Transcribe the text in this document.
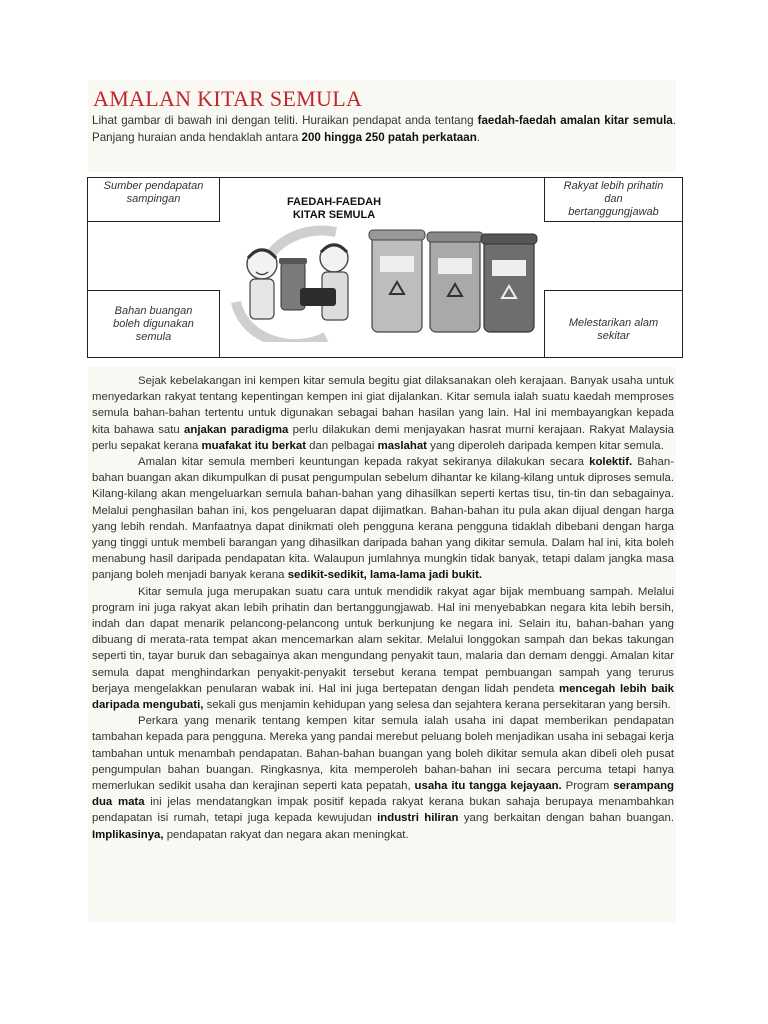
AMALAN KITAR SEMULA
Lihat gambar di bawah ini dengan teliti. Huraikan pendapat anda tentang faedah-faedah amalan kitar semula. Panjang huraian anda hendaklah antara 200 hingga 250 patah perkataan.
Sumber pendapatan
sampingan
Rakyat lebih prihatin
dan
bertanggungjawab
Bahan buangan
boleh digunakan
semula
Melestarikan alam
sekitar
FAEDAH-FAEDAH
KITAR SEMULA

Sejak kebelakangan ini kempen kitar semula begitu giat dilaksanakan oleh kerajaan. Banyak usaha untuk menyedarkan rakyat tentang kepentingan kempen ini giat dijalankan. Kitar semula ialah suatu kaedah memproses semula bahan-bahan tertentu untuk digunakan sebagai bahan hasilan yang lain. Hal ini membayangkan kepada kita bahawa satu anjakan paradigma perlu dilakukan demi menjayakan hasrat murni kerajaan. Rakyat Malaysia perlu sepakat kerana muafakat itu berkat dan pelbagai maslahat yang diperoleh daripada kempen kitar semula.

Amalan kitar semula memberi keuntungan kepada rakyat sekiranya dilakukan secara kolektif. Bahan-bahan buangan akan dikumpulkan di pusat pengumpulan sebelum dihantar ke kilang-kilang untuk diproses semula. Kilang-kilang akan mengeluarkan semula bahan-bahan yang dihasilkan seperti kertas tisu, tin-tin dan sebagainya. Melalui penghasilan bahan ini, kos pengeluaran dapat dijimatkan. Bahan-bahan itu pula akan dijual dengan harga yang lebih rendah. Manfaatnya dapat dinikmati oleh pengguna kerana pengguna tidaklah dibebani dengan harga yang tinggi untuk membeli barangan yang dihasilkan daripada bahan yang dikitar semula. Dalam hal ini, kita boleh menabung hasil daripada pendapatan kita. Walaupun jumlahnya mungkin tidak banyak, tetapi dalam jangka masa panjang boleh menjadi banyak kerana sedikit-sedikit, lama-lama jadi bukit.

Kitar semula juga merupakan suatu cara untuk mendidik rakyat agar bijak membuang sampah. Melalui program ini juga rakyat akan lebih prihatin dan bertanggungjawab. Hal ini menyebabkan negara kita lebih bersih, indah dan dapat menarik pelancong-pelancong untuk berkunjung ke negara ini. Selain itu, bahan-bahan yang dibuang di merata-rata tempat akan mencemarkan alam sekitar. Melalui longgokan sampah dan bekas takungan seperti tin, tayar buruk dan sebagainya akan mengundang penyakit taun, malaria dan demam denggi. Amalan kitar semula dapat menghindarkan penyakit-penyakit tersebut kerana tempat pembuangan sampah yang terurus berjaya mengelakkan penularan wabak ini. Hal ini juga bertepatan dengan lidah pendeta mencegah lebih baik daripada mengubati, sekali gus menjamin kehidupan yang selesa dan sejahtera kerana persekitaran yang bersih.

Perkara yang menarik tentang kempen kitar semula ialah usaha ini dapat memberikan pendapatan tambahan kepada para pengguna. Mereka yang pandai merebut peluang boleh menjadikan usaha ini sebagai kerja tambahan untuk menambah pendapatan. Bahan-bahan buangan yang boleh dikitar semula akan dibeli oleh pusat pengumpulan bahan buangan. Ringkasnya, kita memperoleh bahan-bahan ini secara percuma tetapi hanya memerlukan sedikit usaha dan kerajinan seperti kata pepatah, usaha itu tangga kejayaan. Program serampang dua mata ini jelas mendatangkan impak positif kepada rakyat kerana bukan sahaja berupaya menambahkan pendapatan isi rumah, tetapi juga kepada kewujudan industri hiliran yang berkaitan dengan bahan buangan. Implikasinya, pendapatan rakyat dan negara akan meningkat.
